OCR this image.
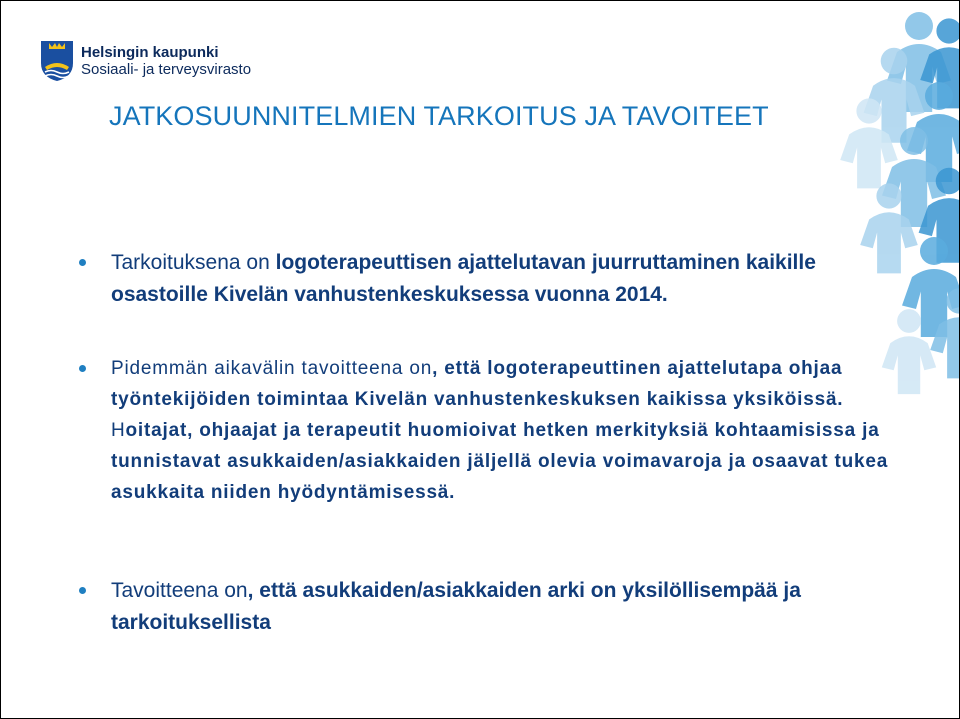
Helsingin kaupunki
Sosiaali- ja terveysvirasto
JATKOSUUNNITELMIEN TARKOITUS JA TAVOITEET
Tarkoituksena on logoterapeuttisen ajattelutavan juurruttaminen kaikille osastoille Kivelän vanhustenkeskuksessa vuonna 2014.
Pidemmän aikavälin tavoitteena on, että logoterapeuttinen ajattelutapa ohjaa työntekijöiden toimintaa Kivelän vanhustenkeskuksen kaikissa yksiköissä. Hoitajat, ohjaajat ja terapeutit huomioivat hetken merkityksiä kohtaamisissa ja tunnistavat asukkaiden/asiakkaiden jäljellä olevia voimavaroja ja osaavat tukea asukkaita niiden hyödyntämisessä.
Tavoitteena on, että asukkaiden/asiakkaiden arki on yksilöllisempää ja tarkoituksellista
